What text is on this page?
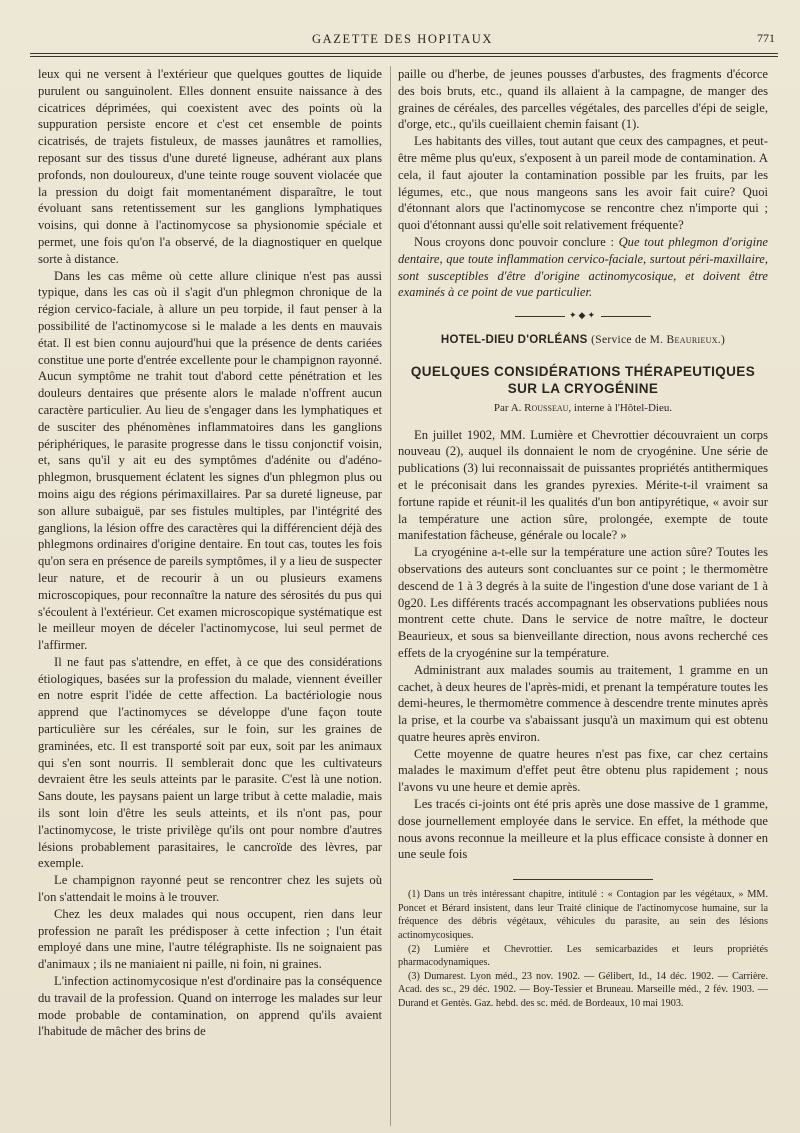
GAZETTE DES HOPITAUX	771

leux qui ne versent à l'extérieur que quelques gouttes de liquide purulent ou sanguinolent. Elles donnent ensuite naissance à des cicatrices déprimées, qui coexistent avec des points où la suppuration persiste encore et c'est cet ensemble de points cicatrisés, de trajets fistuleux, de masses jaunâtres et ramollies, reposant sur des tissus d'une dureté ligneuse, adhérant aux plans profonds, non douloureux, d'une teinte rouge souvent violacée que la pression du doigt fait momentanément disparaître, le tout évoluant sans retentissement sur les ganglions lymphatiques voisins, qui donne à l'actinomycose sa physionomie spéciale et permet, une fois qu'on l'a observé, de la diagnostiquer en quelque sorte à distance.

Dans les cas même où cette allure clinique n'est pas aussi typique, dans les cas où il s'agit d'un phlegmon chronique de la région cervico-faciale, à allure un peu torpide, il faut penser à la possibilité de l'actinomycose si le malade a les dents en mauvais état. Il est bien connu aujourd'hui que la présence de dents cariées constitue une porte d'entrée excellente pour le champignon rayonné. Aucun symptôme ne trahit tout d'abord cette pénétration et les douleurs dentaires que présente alors le malade n'offrent aucun caractère particulier. Au lieu de s'engager dans les lymphatiques et de susciter des phénomènes inflammatoires dans les ganglions périphériques, le parasite progresse dans le tissu conjonctif voisin, et, sans qu'il y ait eu des symptômes d'adénite ou d'adéno-phlegmon, brusquement éclatent les signes d'un phlegmon plus ou moins aigu des régions périmaxillaires. Par sa dureté ligneuse, par son allure subaiguë, par ses fistules multiples, par l'intégrité des ganglions, la lésion offre des caractères qui la différencient déjà des phlegmons ordinaires d'origine dentaire. En tout cas, toutes les fois qu'on sera en présence de pareils symptômes, il y a lieu de suspecter leur nature, et de recourir à un ou plusieurs examens microscopiques, pour reconnaître la nature des sérosités du pus qui s'écoulent à l'extérieur. Cet examen microscopique systématique est le meilleur moyen de déceler l'actinomycose, lui seul permet de l'affirmer.

Il ne faut pas s'attendre, en effet, à ce que des considérations étiologiques, basées sur la profession du malade, viennent éveiller en notre esprit l'idée de cette affection. La bactériologie nous apprend que l'actinomyces se développe d'une façon toute particulière sur les céréales, sur le foin, sur les graines de graminées, etc. Il est transporté soit par eux, soit par les animaux qui s'en sont nourris. Il semblerait donc que les cultivateurs devraient être les seuls atteints par le parasite. C'est là une notion. Sans doute, les paysans paient un large tribut à cette maladie, mais ils sont loin d'être les seuls atteints, et ils n'ont pas, pour l'actinomycose, le triste privilège qu'ils ont pour nombre d'autres lésions probablement parasitaires, le cancroïde des lèvres, par exemple.

Le champignon rayonné peut se rencontrer chez les sujets où l'on s'attendait le moins à le trouver.

Chez les deux malades qui nous occupent, rien dans leur profession ne paraît les prédisposer à cette infection ; l'un était employé dans une mine, l'autre télégraphiste. Ils ne soignaient pas d'animaux ; ils ne maniaient ni paille, ni foin, ni graines.

L'infection actinomycosique n'est d'ordinaire pas la conséquence du travail de la profession. Quand on interroge les malades sur leur mode probable de contamination, on apprend qu'ils avaient l'habitude de mâcher des brins de

paille ou d'herbe, de jeunes pousses d'arbustes, des fragments d'écorce des bois bruts, etc., quand ils allaient à la campagne, de manger des graines de céréales, des parcelles végétales, des parcelles d'épi de seigle, d'orge, etc., qu'ils cueillaient chemin faisant (1).

Les habitants des villes, tout autant que ceux des campagnes, et peut-être même plus qu'eux, s'exposent à un pareil mode de contamination. A cela, il faut ajouter la contamination possible par les fruits, par les légumes, etc., que nous mangeons sans les avoir fait cuire? Quoi d'étonnant alors que l'actinomycose se rencontre chez n'importe qui ; quoi d'étonnant aussi qu'elle soit relativement fréquente?

Nous croyons donc pouvoir conclure : Que tout phlegmon d'origine dentaire, que toute inflammation cervico-faciale, surtout péri-maxillaire, sont susceptibles d'être d'origine actinomycosique, et doivent être examinés à ce point de vue particulier.

✦◆✦
HOTEL-DIEU D'ORLÉANS (Service de M. Beaurieux.)
QUELQUES CONSIDÉRATIONS THÉRAPEUTIQUES
SUR LA CRYOGÉNINE
Par A. Rousseau, interne à l'Hôtel-Dieu.

En juillet 1902, MM. Lumière et Chevrottier découvraient un corps nouveau (2), auquel ils donnaient le nom de cryogénine. Une série de publications (3) lui reconnaissait de puissantes propriétés antithermiques et le préconisait dans les grandes pyrexies. Mérite-t-il vraiment sa fortune rapide et réunit-il les qualités d'un bon antipyrétique, « avoir sur la température une action sûre, prolongée, exempte de toute manifestation fâcheuse, générale ou locale? »

La cryogénine a-t-elle sur la température une action sûre? Toutes les observations des auteurs sont concluantes sur ce point ; le thermomètre descend de 1 à 3 degrés à la suite de l'ingestion d'une dose variant de 1 à 0g20. Les différents tracés accompagnant les observations publiées nous montrent cette chute. Dans le service de notre maître, le docteur Beaurieux, et sous sa bienveillante direction, nous avons recherché ces effets de la cryogénine sur la température.

Administrant aux malades soumis au traitement, 1 gramme en un cachet, à deux heures de l'après-midi, et prenant la température toutes les demi-heures, le thermomètre commence à descendre trente minutes après la prise, et la courbe va s'abaissant jusqu'à un maximum qui est obtenu quatre heures après environ.

Cette moyenne de quatre heures n'est pas fixe, car chez certains malades le maximum d'effet peut être obtenu plus rapidement ; nous l'avons vu une heure et demie après.

Les tracés ci-joints ont été pris après une dose massive de 1 gramme, dose journellement employée dans le service. En effet, la méthode que nous avons reconnue la meilleure et la plus efficace consiste à donner en une seule fois

(1) Dans un très intéressant chapitre, intitulé : « Contagion par les végétaux, » MM. Poncet et Bérard insistent, dans leur Traité clinique de l'actinomycose humaine, sur la fréquence des débris végétaux, véhicules du parasite, au sein des lésions actinomycosiques.

(2) Lumière et Chevrottier. Les semicarbazides et leurs propriétés pharmacodynamiques.

(3) Dumarest. Lyon méd., 23 nov. 1902. — Gélibert, Id., 14 déc. 1902. — Carrière. Acad. des sc., 29 déc. 1902. — Boy-Tessier et Bruneau. Marseille méd., 2 fév. 1903. — Durand et Gentès. Gaz. hebd. des sc. méd. de Bordeaux, 10 mai 1903.
